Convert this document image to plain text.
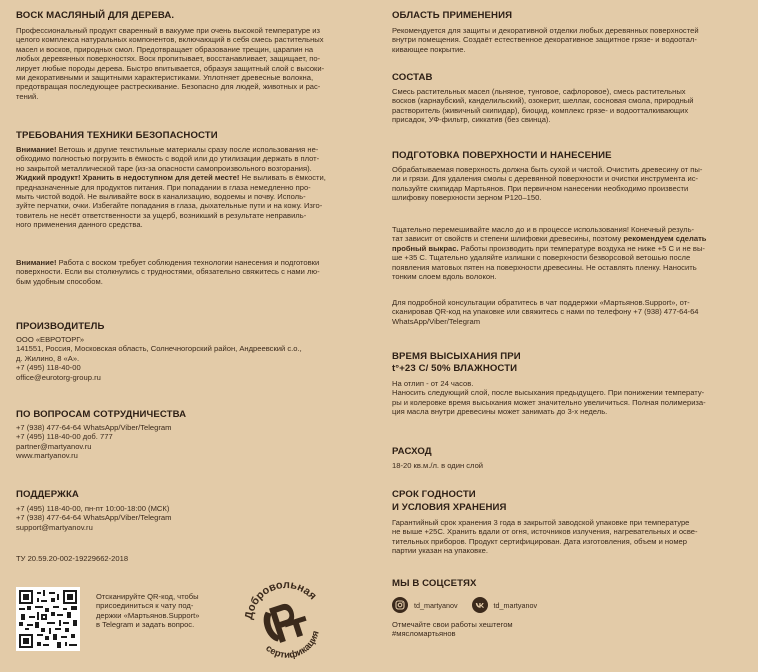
ВОСК МАСЛЯНЫЙ ДЛЯ ДЕРЕВА.
Профессиональный продукт сваренный в вакууме при очень высокой температуре из
целого комплекса натуральных компонентов, включающий в себя смесь растительных
масел и восков, природных смол. Предотвращает образование трещин, царапин на
любых деревянных поверхностях. Воск пропитывает, восстанавливает, защищает, по-
лирует любые породы дерева. Быстро впитывается, образуя защитный слой с высоки-
ми декоративными и защитными характеристиками. Уплотняет древесные волокна,
предотвращая последующее растрескивание. Безопасно для людей, животных и рас-
тений.
ТРЕБОВАНИЯ ТЕХНИКИ БЕЗОПАСНОСТИ
Внимание! Ветошь и другие текстильные материалы сразу после использования не-
обходимо полностью погрузить в ёмкость с водой или до утилизации держать в плот-
но закрытой металлической таре (из-за опасности самопроизвольного возгорания).
Жидкий продукт! Хранить в недоступном для детей месте! Не выливать в ёмкости,
предназначенные для продуктов питания. При попадании в глаза немедленно про-
мыть чистой водой. Не выливайте воск в канализацию, водоемы и почву. Исполь-
зуйте перчатки, очки. Избегайте попадания в глаза, дыхательные пути и на кожу. Изго-
товитель не несёт ответственности за ущерб, возникший в результате неправиль-
ного применения данного средства.
Внимание! Работа с воском требует соблюдения технологии нанесения и подготовки
поверхности. Если вы столкнулись с трудностями, обязательно свяжитесь с нами лю-
бым удобным способом.
ПРОИЗВОДИТЕЛЬ
ООО «ЕВРОТОРГ»
141551, Россия, Московская область, Солнечногорский район, Андреевский с.о.,
д. Жилино, 8 «А».
+7 (495) 118-40-00
office@eurotorg-group.ru
ПО ВОПРОСАМ СОТРУДНИЧЕСТВА
+7 (938) 477-64-64 WhatsApp/Viber/Telegram
+7 (495) 118-40-00 доб. 777
partner@martyanov.ru
www.martyanov.ru
ПОДДЕРЖКА
+7 (495) 118-40-00, пн-пт 10:00-18:00 (МСК)
+7 (938) 477-64-64 WhatsApp/Viber/Telegram
support@martyanov.ru
ТУ 20.59.20-002-19229662-2018
Отсканируйте QR-код, чтобы
присоединиться к чату под-
держки «Мартьянов.Support»
в Telegram и задать вопрос.
Добровольная
сертификация
ОБЛАСТЬ ПРИМЕНЕНИЯ
Рекомендуется для защиты и декоративной отделки любых деревянных поверхностей
внутри помещения. Создаёт естественное декоративное защитное грязе- и водоотал-
кивающее покрытие.
СОСТАВ
Смесь растительных масел (льняное, тунговое, сафлоровое), смесь растительных
восков (карнаубский, канделильский), озокерит, шеллак, сосновая смола, природный
растворитель (живичный скипидар), биоцид, комплекс грязе- и водоотталкивающих
присадок, УФ-фильтр, сиккатив (без свинца).
ПОДГОТОВКА ПОВЕРХНОСТИ И НАНЕСЕНИЕ
Обрабатываемая поверхность должна быть сухой и чистой. Очистить древесину от пы-
ли и грязи. Для удаления смолы с деревянной поверхности и очистки инструмента ис-
пользуйте скипидар Мартьянов. При первичном нанесении необходимо произвести
шлифовку поверхности зерном Р120–150.
Тщательно перемешивайте масло до и в процессе использования! Конечный резуль-
тат зависит от свойств и степени шлифовки древесины, поэтому рекомендуем сделать
пробный выкрас. Работы производить при температуре воздуха не ниже +5 С и не вы-
ше +35 С. Тщательно удаляйте излишки с поверхности безворсовой ветошью после
появления матовых пятен на поверхности древесины. Не оставлять пленку. Наносить
тонким слоем вдоль волокон.
Для подробной консультации обратитесь в чат поддержки «Мартьянов.Support», от-
сканировав QR-код на упаковке или свяжитесь с нами по телефону +7 (938) 477-64-64
WhatsApp/Viber/Telegram
ВРЕМЯ ВЫСЫХАНИЯ ПРИ
t°+23 С/ 50% ВЛАЖНОСТИ
На отлип - от 24 часов.
Наносить следующий слой, после высыхания предыдущего. При понижении температу-
ры и колеровке время высыхания может значительно увеличиться. Полная полимериза-
ция масла внутри древесины может занимать до 3-х недель.
РАСХОД
18-20 кв.м./л. в один слой
СРОК ГОДНОСТИ
И УСЛОВИЯ ХРАНЕНИЯ
Гарантийный срок хранения 3 года в закрытой заводской упаковке при температуре
не выше +25С. Хранить вдали от огня, источников излучения, нагревательных и осве-
тительных приборов. Продукт сертифицирован. Дата изготовления, объем и номер
партии указан на упаковке.
МЫ В СОЦСЕТЯХ
Отмечайте свои работы хештегом
#мясломартьянов
td_martyanov	td_martyanov
